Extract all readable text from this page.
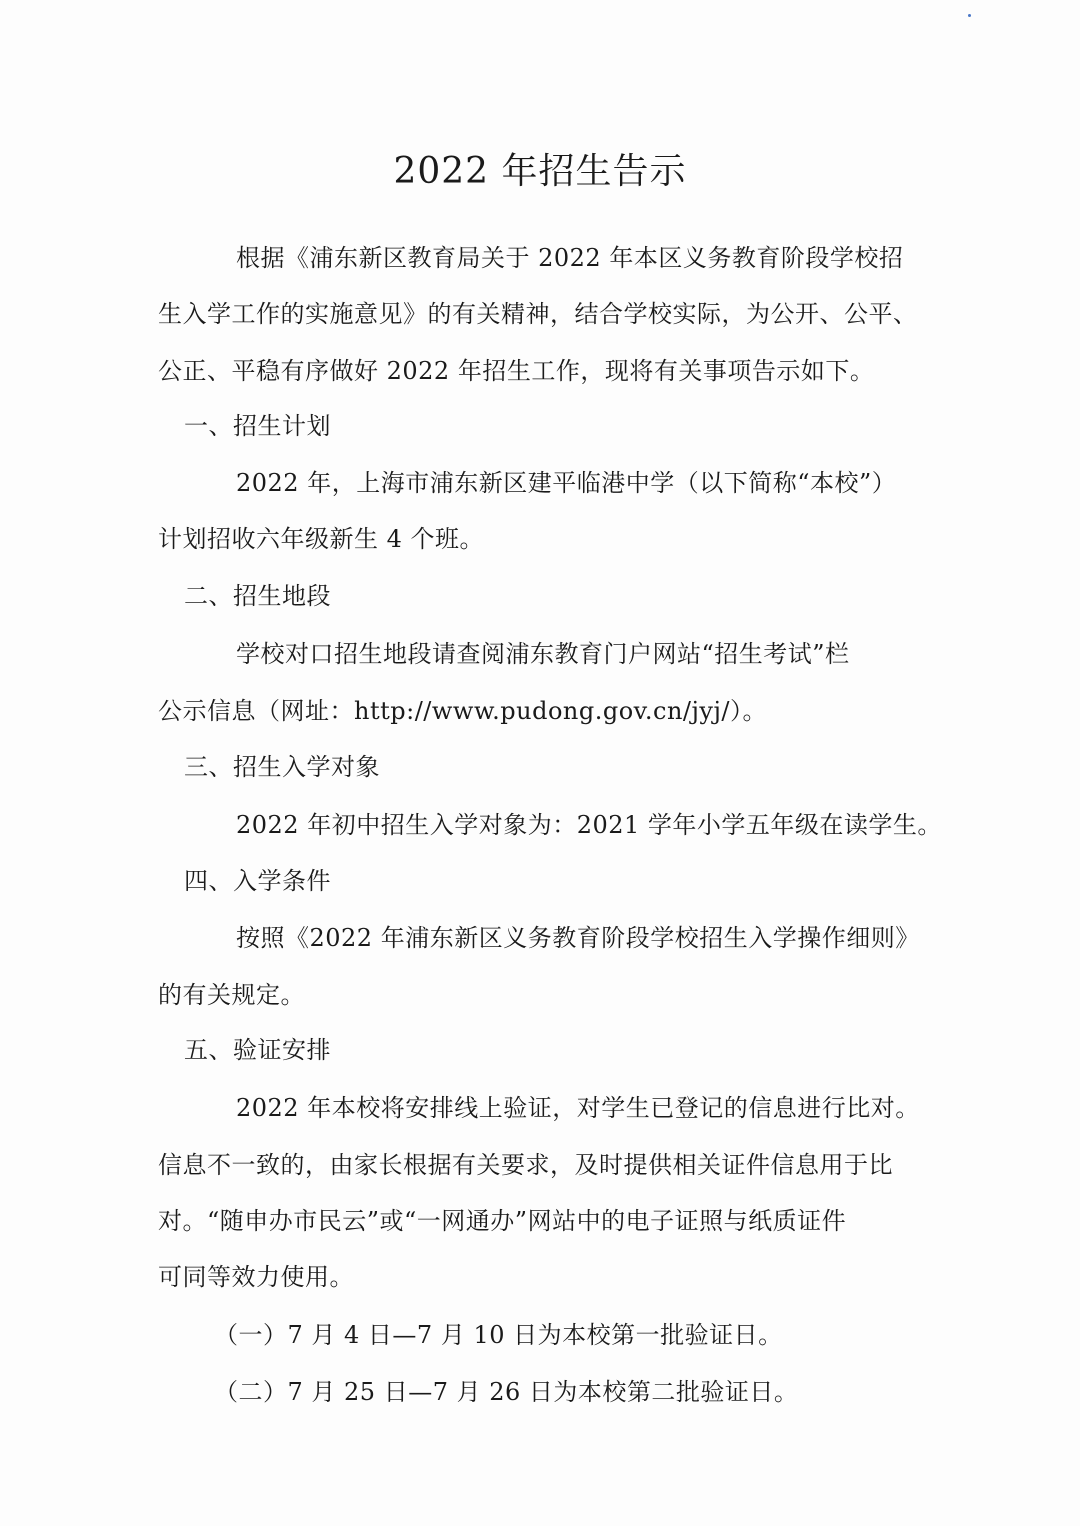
2022 年招生告示
根据《浦东新区教育局关于 2022 年本区义务教育阶段学校招
生入学工作的实施意见》的有关精神，结合学校实际，为公开、公平、
公正、平稳有序做好 2022 年招生工作，现将有关事项告示如下。
一、招生计划
2022 年，上海市浦东新区建平临港中学（以下简称“本校”）
计划招收六年级新生 4 个班。
二、招生地段
学校对口招生地段请查阅浦东教育门户网站“招生考试”栏
公示信息（网址：http://www.pudong.gov.cn/jyj/）。
三、招生入学对象
2022 年初中招生入学对象为：2021 学年小学五年级在读学生。
四、入学条件
按照《2022 年浦东新区义务教育阶段学校招生入学操作细则》
的有关规定。
五、验证安排
2022 年本校将安排线上验证，对学生已登记的信息进行比对。
信息不一致的，由家长根据有关要求，及时提供相关证件信息用于比
对。“随申办市民云”或“一网通办”网站中的电子证照与纸质证件
可同等效力使用。
（一）7 月 4 日—7 月 10 日为本校第一批验证日。
（二）7 月 25 日—7 月 26 日为本校第二批验证日。
